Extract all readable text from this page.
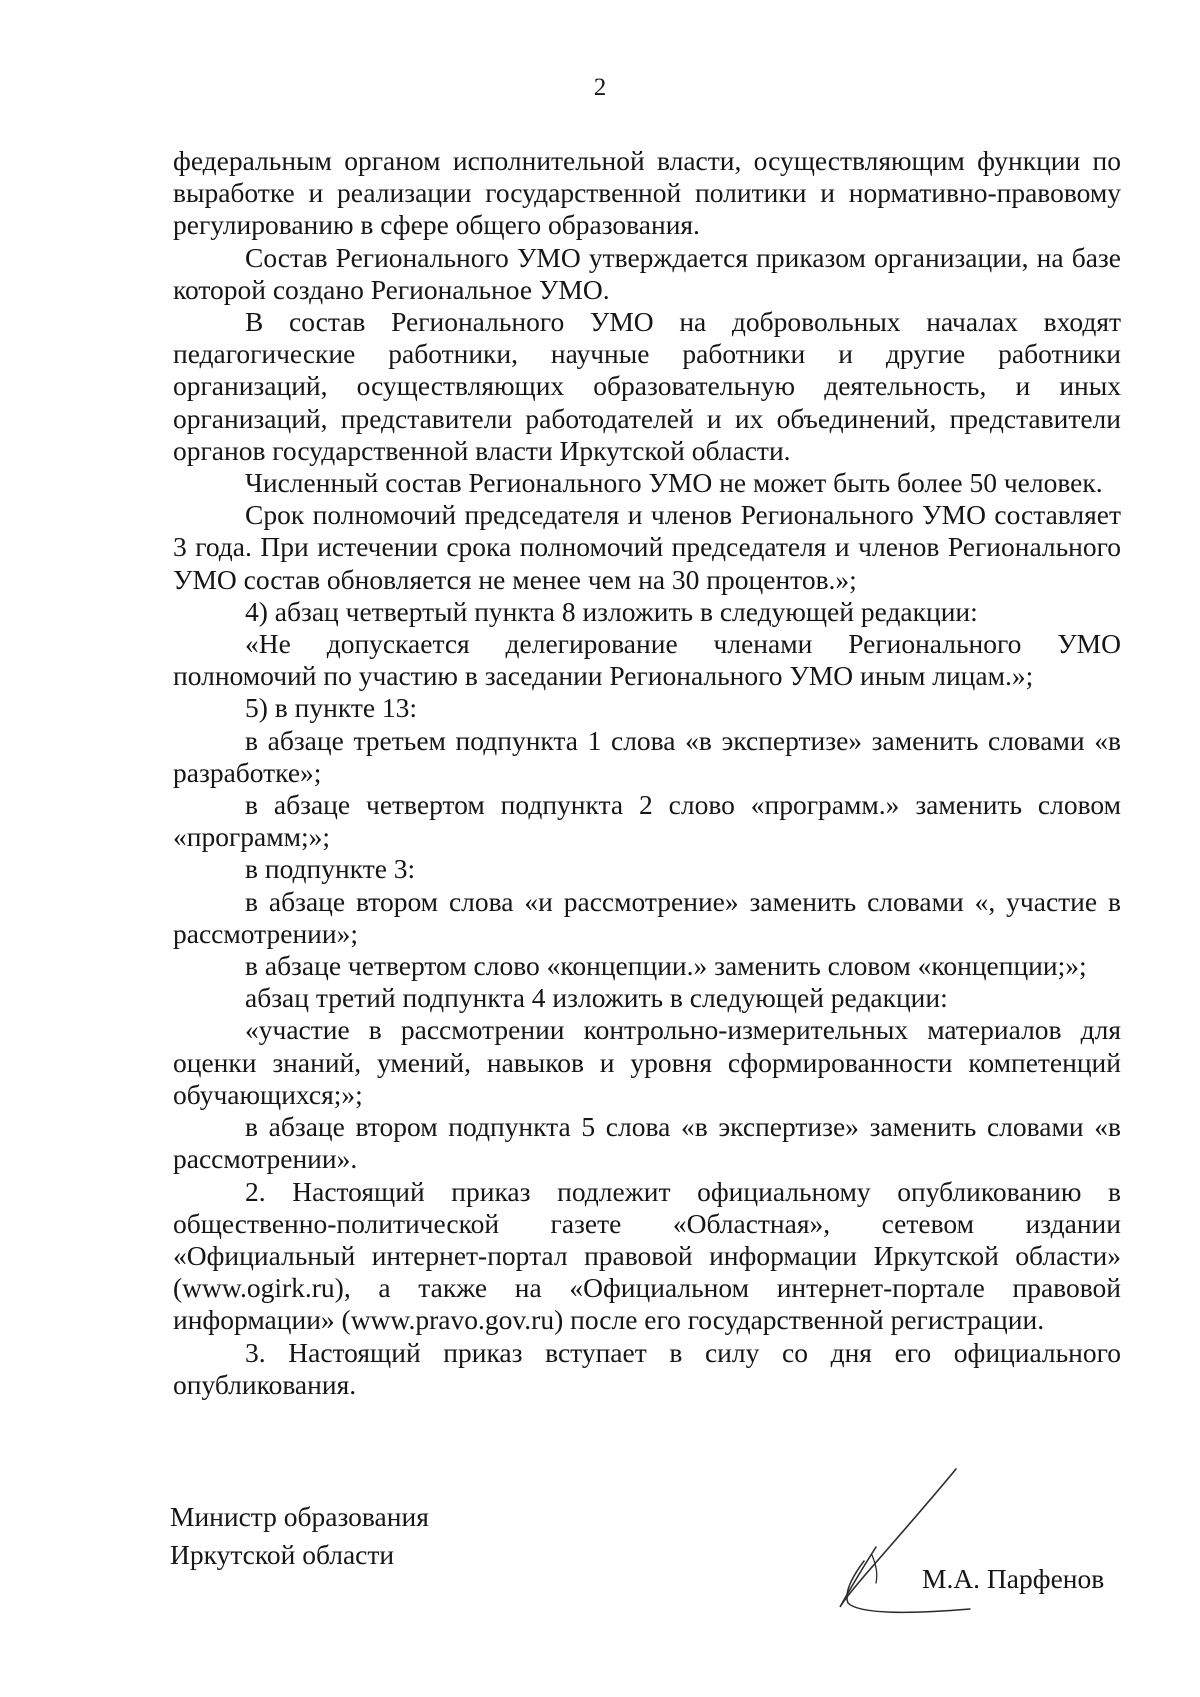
2

федеральным органом исполнительной власти, осуществляющим функции по выработке и реализации государственной политики и нормативно-правовому регулированию в сфере общего образования.

Состав Регионального УМО утверждается приказом организации, на базе которой создано Региональное УМО.

В состав Регионального УМО на добровольных началах входят педагогические работники, научные работники и другие работники организаций, осуществляющих образовательную деятельность, и иных организаций, представители работодателей и их объединений, представители органов государственной власти Иркутской области.

Численный состав Регионального УМО не может быть более 50 человек.

Срок полномочий председателя и членов Регионального УМО составляет 3 года. При истечении срока полномочий председателя и членов Регионального УМО состав обновляется не менее чем на 30 процентов.»;

4) абзац четвертый пункта 8 изложить в следующей редакции:

«Не допускается делегирование членами Регионального УМО полномочий по участию в заседании Регионального УМО иным лицам.»;

5) в пункте 13:

в абзаце третьем подпункта 1 слова «в экспертизе» заменить словами «в разработке»;

в абзаце четвертом подпункта 2 слово «программ.» заменить словом «программ;»;

в подпункте 3:

в абзаце втором слова «и рассмотрение» заменить словами «, участие в рассмотрении»;

в абзаце четвертом слово «концепции.» заменить словом «концепции;»;

абзац третий подпункта 4 изложить в следующей редакции:

«участие в рассмотрении контрольно-измерительных материалов для оценки знаний, умений, навыков и уровня сформированности компетенций обучающихся;»;

в абзаце втором подпункта 5 слова «в экспертизе» заменить словами «в рассмотрении».

2. Настоящий приказ подлежит официальному опубликованию в общественно-политической газете «Областная», сетевом издании «Официальный интернет-портал правовой информации Иркутской области» (www.ogirk.ru), а также на «Официальном интернет-портале правовой информации» (www.pravo.gov.ru) после его государственной регистрации.

3. Настоящий приказ вступает в силу со дня его официального опубликования.

Министр образования
Иркутской области
М.А. Парфенов
